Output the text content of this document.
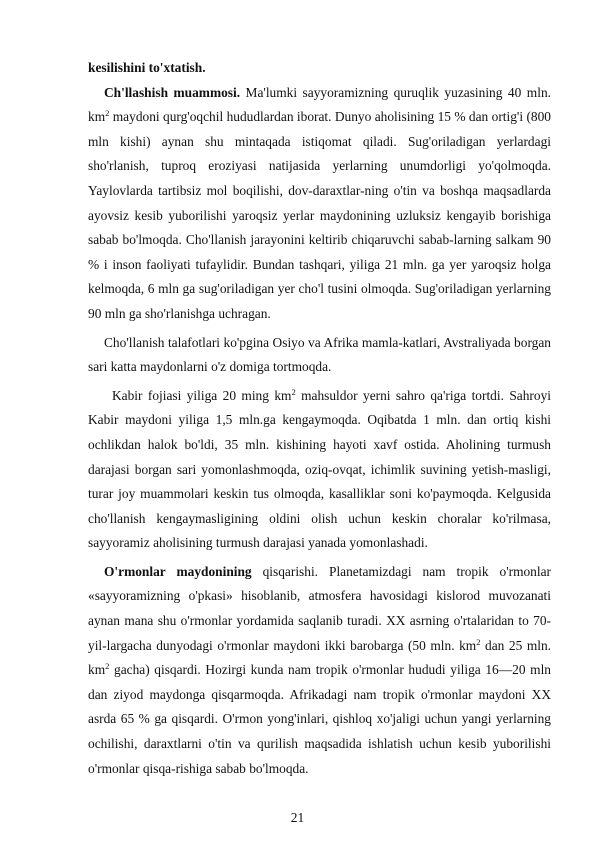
kesilishini to'xtatish.

Ch'llashish muammosi. Ma'lumki sayyoramizning quruqlik yuzasining 40 mln. $km^2$ maydoni qurg'oqchil hududlardan iborat. Dunyo aholisining 15 % dan ortig'i (800 mln kishi) aynan shu mintaqada istiqomat qiladi. Sug'oriladigan yerlardagi sho'rlanish, tuproq eroziyasi natijasida yerlarning unumdorligi yo'qolmoqda. Yaylovlarda tartibsiz mol boqilishi, dov-daraxtlar-ning o'tin va boshqa maqsadlarda ayovsiz kesib yuborilishi yaroqsiz yerlar maydonining uzluksiz kengayib borishiga sabab bo'lmoqda. Cho'llanish jarayonini keltirib chiqaruvchi sabab-larning salkam 90 % i inson faoliyati tufaylidir. Bundan tashqari, yiliga 21 mln. ga yer yaroqsiz holga kelmoqda, 6 mln ga sug'oriladigan yer cho'l tusini olmoqda. Sug'oriladigan yerlarning 90 mln ga sho'rlanishga uchragan.

Cho'llanish talafotlari ko'pgina Osiyo va Afrika mamla-katlari, Avstraliyada borgan sari katta maydonlarni o'z domiga tortmoqda.

Kabir fojiasi yiliga 20 ming $km^2$ mahsuldor yerni sahro qa'riga tortdi. Sahroyi Kabir maydoni yiliga 1,5 mln.ga kengaymoqda. Oqibatda 1 mln. dan ortiq kishi ochlikdan halok bo'ldi, 35 mln. kishining hayoti xavf ostida. Aholining turmush darajasi borgan sari yomonlashmoqda, oziq-ovqat, ichimlik suvining yetish-masligi, turar joy muammolari keskin tus olmoqda, kasalliklar soni ko'paymoqda. Kelgusida cho'llanish kengaymasligining oldini olish uchun keskin choralar ko'rilmasa, sayyoramiz aholisining turmush darajasi yanada yomonlashadi.

O'rmonlar maydonining qisqarishi. Planetamizdagi nam tropik o'rmonlar «sayyoramizning o'pkasi» hisoblanib, atmosfera havosidagi kislorod muvozanati aynan mana shu o'rmonlar yordamida saqlanib turadi. XX asrning o'rtalaridan to 70-yil-largacha dunyodagi o'rmonlar maydoni ikki barobarga (50 mln. $km^2$ dan 25 mln. $km^2$ gacha) qisqardi. Hozirgi kunda nam tropik o'rmonlar hududi yiliga 16—20 mln dan ziyod maydonga qisqarmoqda. Afrikadagi nam tropik o'rmonlar maydoni XX asrda 65 % ga qisqardi. O'rmon yong'inlari, qishloq xo'jaligi uchun yangi yerlarning ochilishi, daraxtlarni o'tin va qurilish maqsadida ishlatish uchun kesib yuborilishi o'rmonlar qisqa-rishiga sabab bo'lmoqda.

21
